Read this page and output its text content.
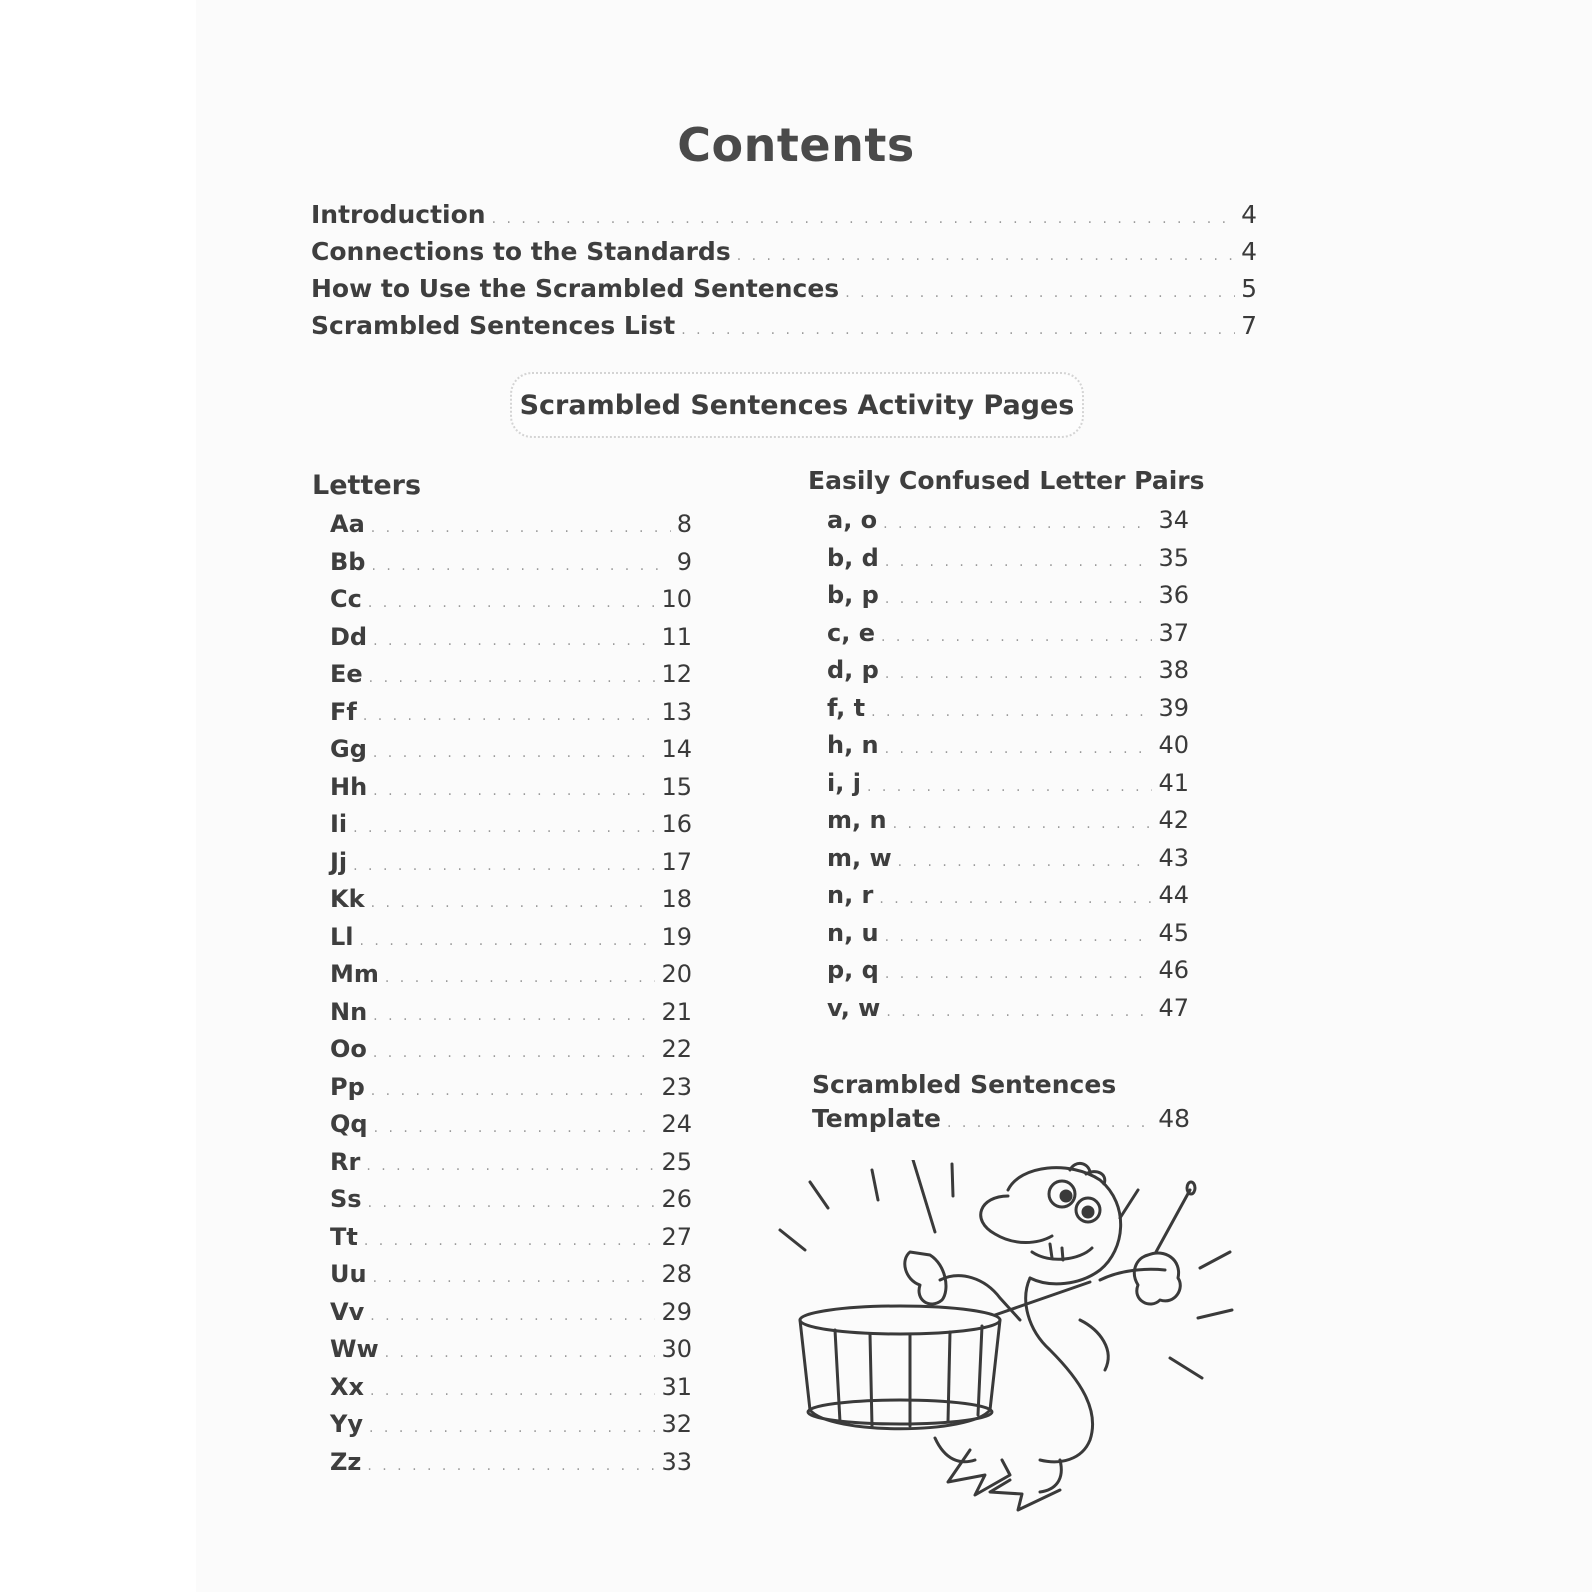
Contents
Introduction . . .	4
Connections to the Standards . . .	4
How to Use the Scrambled Sentences . . .	5
Scrambled Sentences List . . .	7
Scrambled Sentences Activity Pages
Letters
Aa . . .	8
Bb . . .	9
Cc . . .	10
Dd . . .	11
Ee . . .	12
Ff . . .	13
Gg . . .	14
Hh . . .	15
Ii . . .	16
Jj . . .	17
Kk . . .	18
Ll . . .	19
Mm . . .	20
Nn . . .	21
Oo . . .	22
Pp . . .	23
Qq . . .	24
Rr . . .	25
Ss . . .	26
Tt . . .	27
Uu . . .	28
Vv . . .	29
Ww . . .	30
Xx . . .	31
Yy . . .	32
Zz . . .	33
Easily Confused Letter Pairs
a, o . . .	34
b, d . . .	35
b, p . . .	36
c, e . . .	37
d, p . . .	38
f, t . . .	39
h, n . . .	40
i, j . . .	41
m, n . . .	42
m, w . . .	43
n, r . . .	44
n, u . . .	45
p, q . . .	46
v, w . . .	47
Scrambled Sentences
Template . . .	48
